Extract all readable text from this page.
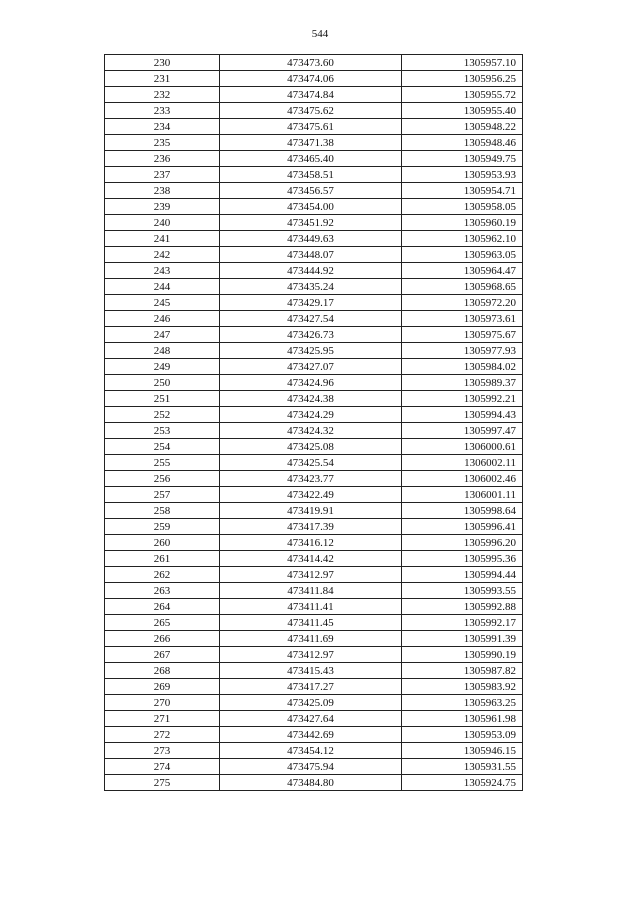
544
230	473473.60	1305957.10
231	473474.06	1305956.25
232	473474.84	1305955.72
233	473475.62	1305955.40
234	473475.61	1305948.22
235	473471.38	1305948.46
236	473465.40	1305949.75
237	473458.51	1305953.93
238	473456.57	1305954.71
239	473454.00	1305958.05
240	473451.92	1305960.19
241	473449.63	1305962.10
242	473448.07	1305963.05
243	473444.92	1305964.47
244	473435.24	1305968.65
245	473429.17	1305972.20
246	473427.54	1305973.61
247	473426.73	1305975.67
248	473425.95	1305977.93
249	473427.07	1305984.02
250	473424.96	1305989.37
251	473424.38	1305992.21
252	473424.29	1305994.43
253	473424.32	1305997.47
254	473425.08	1306000.61
255	473425.54	1306002.11
256	473423.77	1306002.46
257	473422.49	1306001.11
258	473419.91	1305998.64
259	473417.39	1305996.41
260	473416.12	1305996.20
261	473414.42	1305995.36
262	473412.97	1305994.44
263	473411.84	1305993.55
264	473411.41	1305992.88
265	473411.45	1305992.17
266	473411.69	1305991.39
267	473412.97	1305990.19
268	473415.43	1305987.82
269	473417.27	1305983.92
270	473425.09	1305963.25
271	473427.64	1305961.98
272	473442.69	1305953.09
273	473454.12	1305946.15
274	473475.94	1305931.55
275	473484.80	1305924.75
